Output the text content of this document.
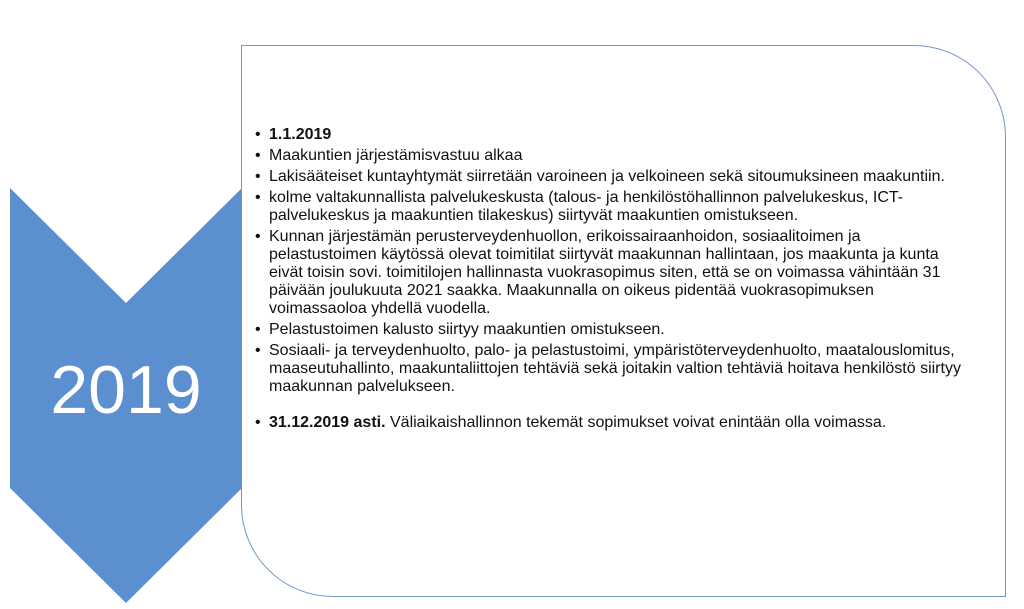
2019
• 1.1.2019
• Maakuntien järjestämisvastuu alkaa
• Lakisääteiset kuntayhtymät siirretään varoineen ja velkoineen sekä sitoumuksineen maakuntiin.
• kolme valtakunnallista palvelukeskusta (talous- ja henkilöstöhallinnon palvelukeskus, ICT-palvelukeskus ja maakuntien tilakeskus) siirtyvät maakuntien omistukseen.
• Kunnan järjestämän perusterveydenhuollon, erikoissairaanhoidon, sosiaalitoimen ja pelastustoimen käytössä olevat toimitilat siirtyvät maakunnan hallintaan, jos maakunta ja kunta eivät toisin sovi. toimitilojen hallinnasta vuokrasopimus siten, että se on voimassa vähintään 31 päivään joulukuuta 2021 saakka. Maakunnalla on oikeus pidentää vuokrasopimuksen voimassaoloa yhdellä vuodella.
• Pelastustoimen kalusto siirtyy maakuntien omistukseen.
• Sosiaali- ja terveydenhuolto, palo- ja pelastustoimi, ympäristöterveydenhuolto, maatalouslomitus, maaseutuhallinto, maakuntaliittojen tehtäviä sekä joitakin valtion tehtäviä hoitava henkilöstö siirtyy maakunnan palvelukseen.
• 31.12.2019 asti. Väliaikaishallinnon tekemät sopimukset voivat enintään olla voimassa.
